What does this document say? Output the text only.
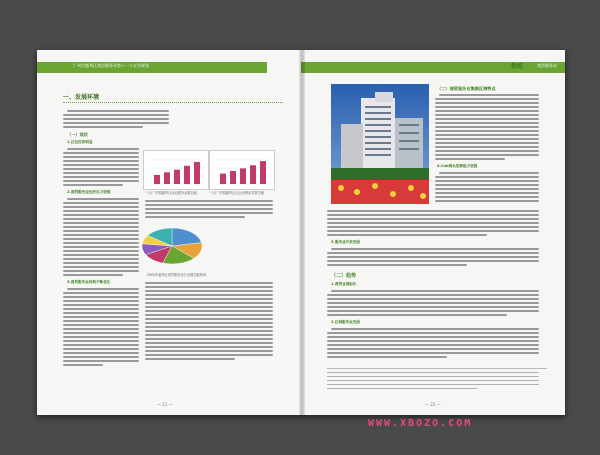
广州市越秀区商贸服务业第十一个五年规划
一、发展环境
（一）现状
1.区位优势明显
2.商贸服务业经济实力较强
3.商贸服务业结构不断优化
"十五" 时期越秀区商业服务业增加值	"十五" 时期越秀区社会消费品零售总额
2005年越秀区商贸服务业行业增加值构成
— 21 —
物流	商贸服务业
（二）商贸服务业集聚区域特点
4.Cnb群众消费能力较强
5.服务业开放发展
（二）趋势
1.商贸业国际化
2.区域服务业发展
— 22 —
WWW.XBOZO.COM
